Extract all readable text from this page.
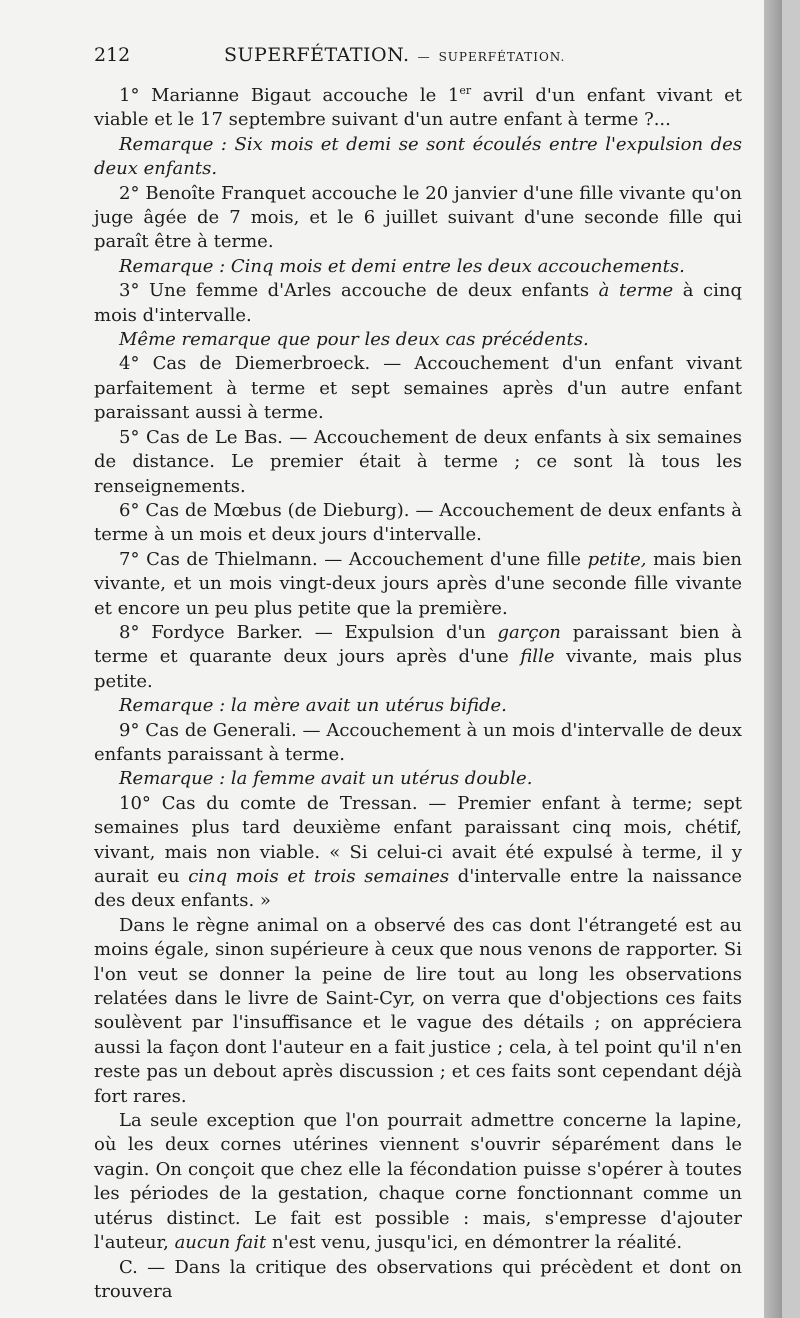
212	SUPERFÉTATION. — SUPERFÉTATION.

1° Marianne Bigaut accouche le 1er avril d'un enfant vivant et viable et le 17 septembre suivant d'un autre enfant à terme ?...

Remarque : Six mois et demi se sont écoulés entre l'expulsion des deux enfants.

2° Benoîte Franquet accouche le 20 janvier d'une fille vivante qu'on juge âgée de 7 mois, et le 6 juillet suivant d'une seconde fille qui paraît être à terme.

Remarque : Cinq mois et demi entre les deux accouchements.

3° Une femme d'Arles accouche de deux enfants à terme à cinq mois d'intervalle.

Même remarque que pour les deux cas précédents.

4° Cas de Diemerbroeck. — Accouchement d'un enfant vivant parfaitement à terme et sept semaines après d'un autre enfant paraissant aussi à terme.

5° Cas de Le Bas. — Accouchement de deux enfants à six semaines de distance. Le premier était à terme ; ce sont là tous les renseignements.

6° Cas de Mœbus (de Dieburg). — Accouchement de deux enfants à terme à un mois et deux jours d'intervalle.

7° Cas de Thielmann. — Accouchement d'une fille petite, mais bien vivante, et un mois vingt-deux jours après d'une seconde fille vivante et encore un peu plus petite que la première.

8° Fordyce Barker. — Expulsion d'un garçon paraissant bien à terme et quarante deux jours après d'une fille vivante, mais plus petite.

Remarque : la mère avait un utérus bifide.

9° Cas de Generali. — Accouchement à un mois d'intervalle de deux enfants paraissant à terme.

Remarque : la femme avait un utérus double.

10° Cas du comte de Tressan. — Premier enfant à terme; sept semaines plus tard deuxième enfant paraissant cinq mois, chétif, vivant, mais non viable. « Si celui-ci avait été expulsé à terme, il y aurait eu cinq mois et trois semaines d'intervalle entre la naissance des deux enfants. »

Dans le règne animal on a observé des cas dont l'étrangeté est au moins égale, sinon supérieure à ceux que nous venons de rapporter. Si l'on veut se donner la peine de lire tout au long les observations relatées dans le livre de Saint-Cyr, on verra que d'objections ces faits soulèvent par l'insuffisance et le vague des détails ; on appréciera aussi la façon dont l'auteur en a fait justice ; cela, à tel point qu'il n'en reste pas un debout après discussion ; et ces faits sont cependant déjà fort rares.

La seule exception que l'on pourrait admettre concerne la lapine, où les deux cornes utérines viennent s'ouvrir séparément dans le vagin. On conçoit que chez elle la fécondation puisse s'opérer à toutes les périodes de la gestation, chaque corne fonctionnant comme un utérus distinct. Le fait est possible : mais, s'empresse d'ajouter l'auteur, aucun fait n'est venu, jusqu'ici, en démontrer la réalité.

C. — Dans la critique des observations qui précèdent et dont on trouvera
